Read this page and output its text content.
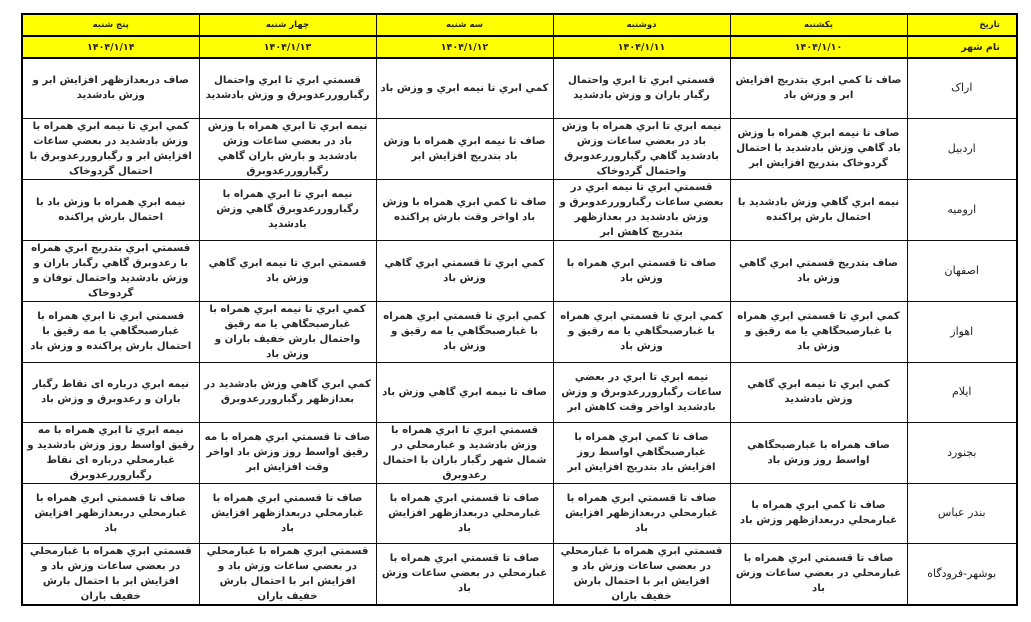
تاریخ	یکشنبه	دوشنبه	سه شنبه	چهار شنبه	پنج شنبه
نام شهر	۱۴۰۴/۱/۱۰	۱۴۰۴/۱/۱۱	۱۴۰۴/۱/۱۲	۱۴۰۴/۱/۱۳	۱۴۰۴/۱/۱۴
اراک	صاف تا کمي ابري بتدريج افزايش ابر و وزش باد	قسمتي ابري تا ابري واحتمال رگبار باران و وزش بادشديد	کمي ابري تا نيمه ابري و وزش باد	قسمتي ابري تا ابري واحتمال رگباروررعدوبرق و وزش بادشديد	صاف دربعدازظهر افزايش ابر و وزش بادشديد
اردبيل	صاف تا نيمه ابري همراه با وزش باد گاهي وزش بادشديد با احتمال گردوخاک بتدريج افزايش ابر	نيمه ابري تا ابري همراه با وزش باد در بعضي ساعات وزش بادشديد گاهي رگباروررعدوبرق واحتمال گردوخاک	صاف تا نيمه ابري همراه با وزش باد بتدريج افزايش ابر	نيمه ابري تا ابري همراه با وزش باد در بعضي ساعات وزش بادشديد و بارش باران گاهي رگباروررعدوبرق	کمي ابري تا نيمه ابري همراه با وزش بادشديد در بعضي ساعات افزايش ابر و رگباروررعدوبرق با احتمال گردوخاک
اروميه	نيمه ابري گاهي وزش بادشديد با احتمال بارش پراکنده	قسمتي ابري تا نيمه ابري در بعضي ساعات رگباروررعدوبرق و وزش بادشديد در بعدازظهر بتدريج کاهش ابر	صاف تا کمي ابري همراه با وزش باد اواخر وقت بارش پراکنده	نيمه ابري تا ابري همراه با رگباروررعدوبرق گاهي وزش بادشديد	نيمه ابري همراه با وزش باد با احتمال بارش پراکنده
اصفهان	صاف بتدريج قسمتي ابري گاهي وزش باد	صاف تا قسمتي ابري همراه با وزش باد	کمي ابري تا قسمتي ابري گاهي وزش باد	قسمتي ابري تا نيمه ابري گاهي وزش باد	قسمتي ابري بتدريج ابري همراه با رعدوبرق گاهي رگبار باران و وزش بادشديد واحتمال توفان و گردوخاک
اهواز	کمي ابري تا قسمتي ابري همراه با غبارصبحگاهي يا مه رقيق و وزش باد	کمي ابري تا قسمتي ابري همراه با غبارصبحگاهي يا مه رقيق و وزش باد	کمي ابري تا قسمتي ابري همراه با غبارصبحگاهي يا مه رقيق و وزش باد	کمي ابري تا نيمه ابري همراه با غبارصبحگاهي يا مه رقيق واحتمال بارش خفيف باران و وزش باد	قسمتي ابري تا ابري همراه با غبارصبحگاهي يا مه رقيق با احتمال بارش پراکنده و وزش باد
ايلام	کمي ابري تا نيمه ابري گاهي وزش بادشديد	نيمه ابري تا ابري در بعضي ساعات رگباروررعدوبرق و وزش بادشديد اواخر وقت کاهش ابر	صاف تا نيمه ابري گاهي وزش باد	کمي ابري گاهي وزش بادشديد در بعدازظهر رگباروررعدوبرق	نيمه ابري درباره اى نقاط رگبار باران و رعدوبرق و وزش باد
بجنورد	صاف همراه با غبارصبحگاهي اواسط روز وزش باد	صاف تا کمي ابري همراه با غبارصبحگاهي اواسط روز افزايش باد بتدريج افزايش ابر	قسمتي ابري تا ابري همراه با وزش بادشديد و غبارمحلي در شمال شهر رگبار باران با احتمال رعدوبرق	صاف تا قسمتي ابري همراه با مه رقيق اواسط روز وزش باد اواخر وقت افزايش ابر	نيمه ابري تا ابري همراه با مه رقيق اواسط روز وزش بادشديد و غبارمحلي درباره اى نقاط رگباروررعدوبرق
بندر عباس	صاف تا کمي ابري همراه با غبارمحلي دربعدازظهر وزش باد	صاف تا قسمتي ابري همراه با غبارمحلي دربعدازظهر افزايش باد	صاف تا قسمتي ابري همراه با غبارمحلي دربعدازظهر افزايش باد	صاف تا قسمتي ابري همراه با غبارمحلي دربعدازظهر افزايش باد	صاف تا قسمتي ابري همراه با غبارمحلي دربعدازظهر افزايش باد
بوشهر-فرودگاه	صاف تا قسمتي ابري همراه با غبارمحلي در بعضي ساعات وزش باد	قسمتي ابري همراه با غبارمحلي در بعضي ساعات وزش باد و افزايش ابر با احتمال بارش خفيف باران	صاف تا قسمتي ابري همراه با غبارمحلي در بعضي ساعات وزش باد	قسمتي ابري همراه با غبارمحلي در بعضي ساعات وزش باد و افزايش ابر با احتمال بارش خفيف باران	قسمتي ابري همراه با غبارمحلي در بعضي ساعات وزش باد و افزايش ابر با احتمال بارش خفيف باران
